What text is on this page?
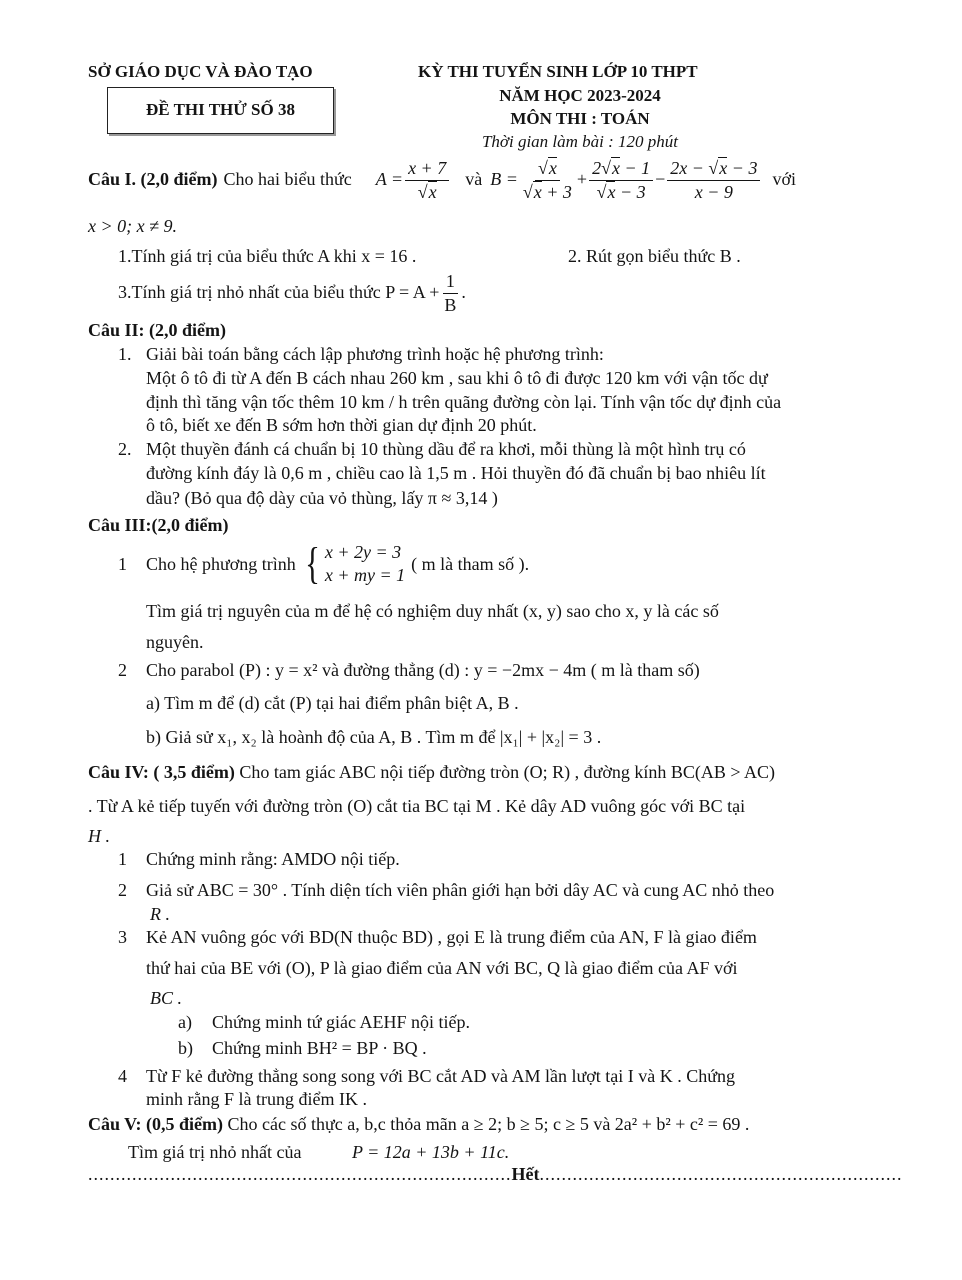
SỞ GIÁO DỤC VÀ ĐÀO TẠO	KỲ THI TUYỂN SINH LỚP 10 THPT
ĐỀ THI THỬ SỐ 38
NĂM HỌC 2023-2024
MÔN THI : TOÁN
Thời gian làm bài : 120 phút
Câu I. (2,0 điểm) Cho hai biểu thức $A = \frac{x + 7}{√x}$ và $B = \frac{√x}{√x + 3} + \frac{2√x - 1}{√x - 3} - \frac{2x - √x - 3}{x - 9}$ với
x > 0; x ≠ 9.
1.Tính giá trị của biểu thức A khi x = 16 .	2. Rút gọn biểu thức B .
3.Tính giá trị nhỏ nhất của biểu thức $P = A + \frac{1}{B}$ .
Câu II: (2,0 điểm)
1. Giải bài toán bằng cách lập phương trình hoặc hệ phương trình:
Một ô tô đi từ A đến B cách nhau 260 km , sau khi ô tô đi được 120 km với vận tốc dự
định thì tăng vận tốc thêm 10 km / h trên quãng đường còn lại. Tính vận tốc dự định của
ô tô, biết xe đến B sớm hơn thời gian dự định 20 phút.
2. Một thuyền đánh cá chuẩn bị 10 thùng dầu để ra khơi, mỗi thùng là một hình trụ có
đường kính đáy là 0,6 m , chiều cao là 1,5 m . Hỏi thuyền đó đã chuẩn bị bao nhiêu lít
dầu? (Bỏ qua độ dày của vỏ thùng, lấy π ≈ 3,14 )
Câu III:(2,0 điểm)
1	Cho hệ phương trình { x + 2y = 3
x + my = 1
( m là tham số ).
Tìm giá trị nguyên của m để hệ có nghiệm duy nhất (x, y) sao cho x, y là các số
nguyên.
2 Cho parabol (P) : y = x² và đường thẳng (d) : y = −2mx − 4m ( m là tham số)
a) Tìm m để (d) cắt (P) tại hai điểm phân biệt A, B .
b) Giả sử x₁, x₂ là hoành độ của A, B . Tìm m để |x₁| + |x₂| = 3 .
Câu IV: ( 3,5 điểm) Cho tam giác ABC nội tiếp đường tròn (O; R) , đường kính BC(AB > AC)
. Từ A kẻ tiếp tuyến với đường tròn (O) cắt tia BC tại M . Kẻ dây AD vuông góc với BC tại
H .
1 Chứng minh rằng: AMDO nội tiếp.
2 Giả sử ABC = 30° . Tính diện tích viên phân giới hạn bởi dây AC và cung AC nhỏ theo
R .
3 Kẻ AN vuông góc với BD(N thuộc BD) , gọi E là trung điểm của AN, F là giao điểm
thứ hai của BE với (O), P là giao điểm của AN với BC, Q là giao điểm của AF với
BC .
a) Chứng minh tứ giác AEHF nội tiếp.
b) Chứng minh BH² = BP · BQ .
4 Từ F kẻ đường thẳng song song với BC cắt AD và AM lần lượt tại I và K . Chứng
minh rằng F là trung điểm IK .
Câu V: (0,5 điểm) Cho các số thực a, b,c thỏa mãn a ≥ 2; b ≥ 5; c ≥ 5 và 2a² + b² + c² = 69 .
Tìm giá trị nhỏ nhất của	P = 12a + 13b + 11c.
............................................................................. Hết ..................................................................
